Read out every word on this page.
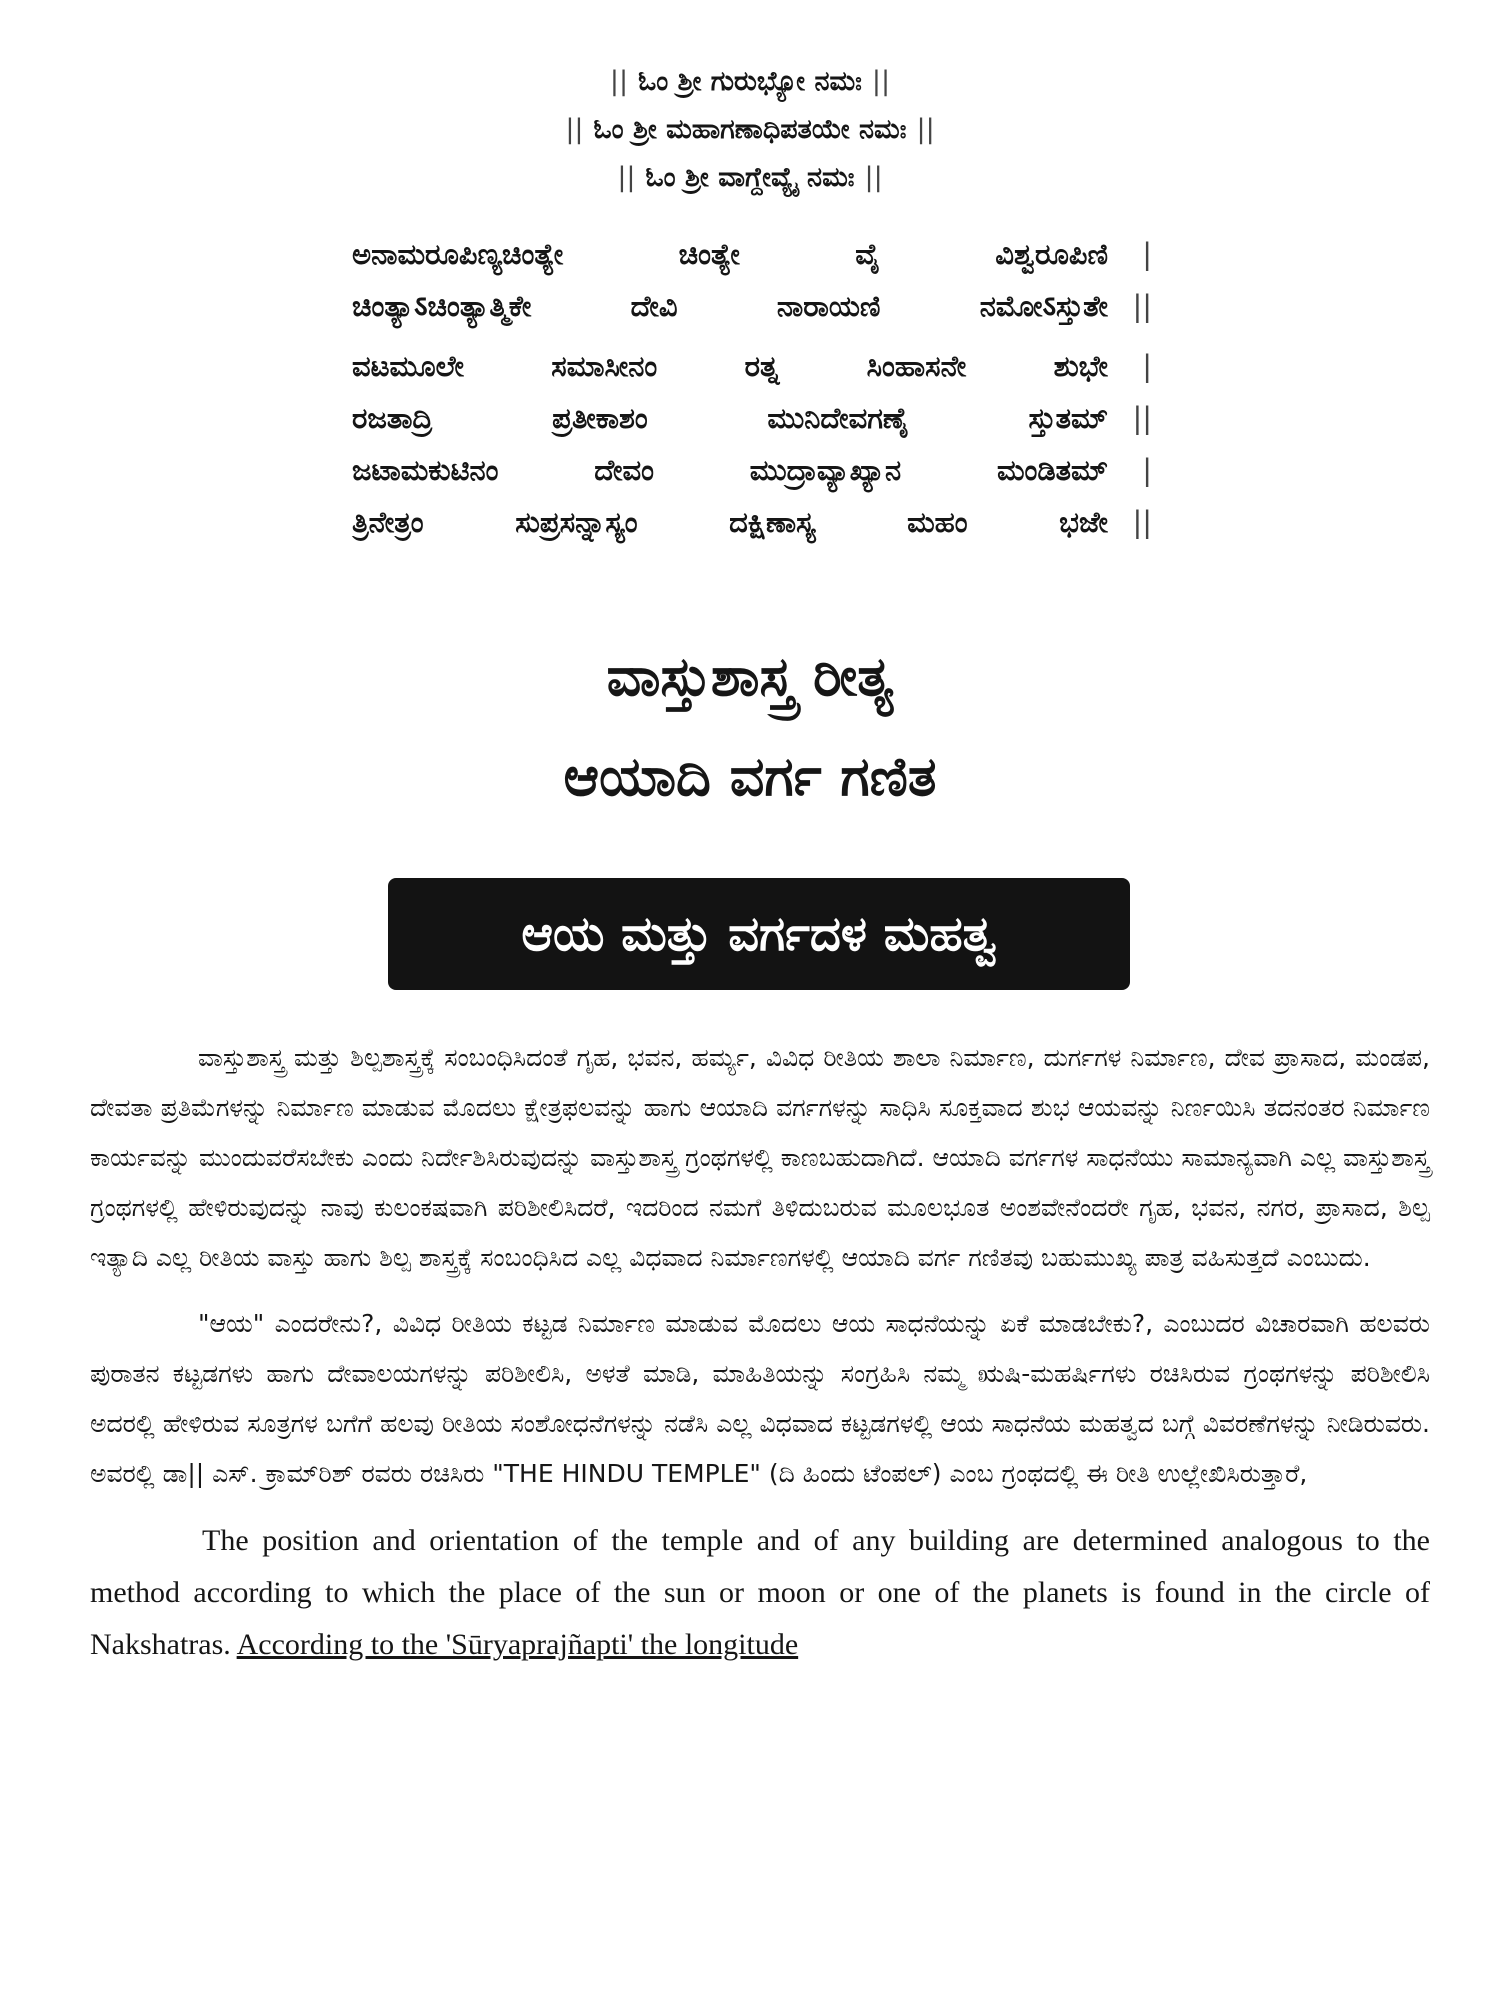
|| ಓಂ ಶ್ರೀ ಗುರುಭ್ಯೋ ನಮಃ ||
|| ಓಂ ಶ್ರೀ ಮಹಾಗಣಾಧಿಪತಯೇ ನಮಃ ||
|| ಓಂ ಶ್ರೀ ವಾಗ್ದೇವ್ಯೈ ನಮಃ ||
ಅನಾಮರೂಪಿಣ್ಯಚಿಂತ್ಯೇ ಚಿಂತ್ಯೇ ವೈ ವಿಶ್ವರೂಪಿಣಿ	|
ಚಿಂತ್ಯಾऽಚಿಂತ್ಯಾತ್ಮಿಕೇ ದೇವಿ ನಾರಾಯಣಿ ನಮೋऽಸ್ತುತೇ ||
ವಟಮೂಲೇ ಸಮಾಸೀನಂ ರತ್ನ ಸಿಂಹಾಸನೇ ಶುಭೇ	|
ರಜತಾದ್ರಿ ಪ್ರತೀಕಾಶಂ ಮುನಿದೇವಗಣೈ ಸ್ತುತಮ್ ||
ಜಟಾಮಕುಟಿನಂ ದೇವಂ ಮುದ್ರಾವ್ಯಾಖ್ಯಾನ ಮಂಡಿತಮ್	|
ತ್ರಿನೇತ್ರಂ ಸುಪ್ರಸನ್ನಾಸ್ಯಂ ದಕ್ಷಿಣಾಸ್ಯ ಮಹಂ ಭಜೇ ||
ವಾಸ್ತುಶಾಸ್ತ್ರ ರೀತ್ಯ
ಆಯಾದಿ ವರ್ಗ ಗಣಿತ
ಆಯ ಮತ್ತು ವರ್ಗದಳ ಮಹತ್ವ

ವಾಸ್ತುಶಾಸ್ತ್ರ ಮತ್ತು ಶಿಲ್ಪಶಾಸ್ತ್ರಕ್ಕೆ ಸಂಬಂಧಿಸಿದಂತೆ ಗೃಹ, ಭವನ, ಹರ್ಮ್ಯ, ವಿವಿಧ ರೀತಿಯ ಶಾಲಾ ನಿರ್ಮಾಣ, ದುರ್ಗಗಳ ನಿರ್ಮಾಣ, ದೇವ ಪ್ರಾಸಾದ, ಮಂಡಪ, ದೇವತಾ ಪ್ರತಿಮೆಗಳನ್ನು ನಿರ್ಮಾಣ ಮಾಡುವ ಮೊದಲು ಕ್ಷೇತ್ರಫಲವನ್ನು ಹಾಗು ಆಯಾದಿ ವರ್ಗಗಳನ್ನು ಸಾಧಿಸಿ ಸೂಕ್ತವಾದ ಶುಭ ಆಯವನ್ನು ನಿರ್ಣಯಿಸಿ ತದನಂತರ ನಿರ್ಮಾಣ ಕಾರ್ಯವನ್ನು ಮುಂದುವರೆಸಬೇಕು ಎಂದು ನಿರ್ದೇಶಿಸಿರುವುದನ್ನು ವಾಸ್ತುಶಾಸ್ತ್ರ ಗ್ರಂಥಗಳಲ್ಲಿ ಕಾಣಬಹುದಾಗಿದೆ. ಆಯಾದಿ ವರ್ಗಗಳ ಸಾಧನೆಯು ಸಾಮಾನ್ಯವಾಗಿ ಎಲ್ಲ ವಾಸ್ತುಶಾಸ್ತ್ರ ಗ್ರಂಥಗಳಲ್ಲಿ ಹೇಳಿರುವುದನ್ನು ನಾವು ಕುಲಂಕಷವಾಗಿ ಪರಿಶೀಲಿಸಿದರೆ, ಇದರಿಂದ ನಮಗೆ ತಿಳಿದುಬರುವ ಮೂಲಭೂತ ಅಂಶವೇನೆಂದರೇ ಗೃಹ, ಭವನ, ನಗರ, ಪ್ರಾಸಾದ, ಶಿಲ್ಪ ಇತ್ಯಾದಿ ಎಲ್ಲ ರೀತಿಯ ವಾಸ್ತು ಹಾಗು ಶಿಲ್ಪ ಶಾಸ್ತ್ರಕ್ಕೆ ಸಂಬಂಧಿಸಿದ ಎಲ್ಲ ವಿಧವಾದ ನಿರ್ಮಾಣಗಳಲ್ಲಿ ಆಯಾದಿ ವರ್ಗ ಗಣಿತವು ಬಹುಮುಖ್ಯ ಪಾತ್ರ ವಹಿಸುತ್ತದೆ ಎಂಬುದು.

"ಆಯ" ಎಂದರೇನು?, ವಿವಿಧ ರೀತಿಯ ಕಟ್ಟಡ ನಿರ್ಮಾಣ ಮಾಡುವ ಮೊದಲು ಆಯ ಸಾಧನೆಯನ್ನು ಏಕೆ ಮಾಡಬೇಕು?, ಎಂಬುದರ ವಿಚಾರವಾಗಿ ಹಲವರು ಪುರಾತನ ಕಟ್ಟಡಗಳು ಹಾಗು ದೇವಾಲಯಗಳನ್ನು ಪರಿಶೀಲಿಸಿ, ಅಳತೆ ಮಾಡಿ, ಮಾಹಿತಿಯನ್ನು ಸಂಗ್ರಹಿಸಿ ನಮ್ಮ ಋಷಿ-ಮಹರ್ಷಿಗಳು ರಚಿಸಿರುವ ಗ್ರಂಥಗಳನ್ನು ಪರಿಶೀಲಿಸಿ ಅದರಲ್ಲಿ ಹೇಳಿರುವ ಸೂತ್ರಗಳ ಬಗೆಗೆ ಹಲವು ರೀತಿಯ ಸಂಶೋಧನೆಗಳನ್ನು ನಡೆಸಿ ಎಲ್ಲ ವಿಧವಾದ ಕಟ್ಟಡಗಳಲ್ಲಿ ಆಯ ಸಾಧನೆಯ ಮಹತ್ವದ ಬಗ್ಗೆ ವಿವರಣೆಗಳನ್ನು ನೀಡಿರುವರು. ಅವರಲ್ಲಿ ಡಾ|| ಎಸ್. ಕ್ರಾಮ್‌ರಿಶ್ ರವರು ರಚಿಸಿರು "THE HINDU TEMPLE" (ದಿ ಹಿಂದು ಟೆಂಪಲ್) ಎಂಬ ಗ್ರಂಥದಲ್ಲಿ ಈ ರೀತಿ ಉಲ್ಲೇಖಿಸಿರುತ್ತಾರೆ,

The position and orientation of the temple and of any building are determined analogous to the method according to which the place of the sun or moon or one of the planets is found in the circle of Nakshatras. According to the 'Sūryaprajñapti' the longitude
